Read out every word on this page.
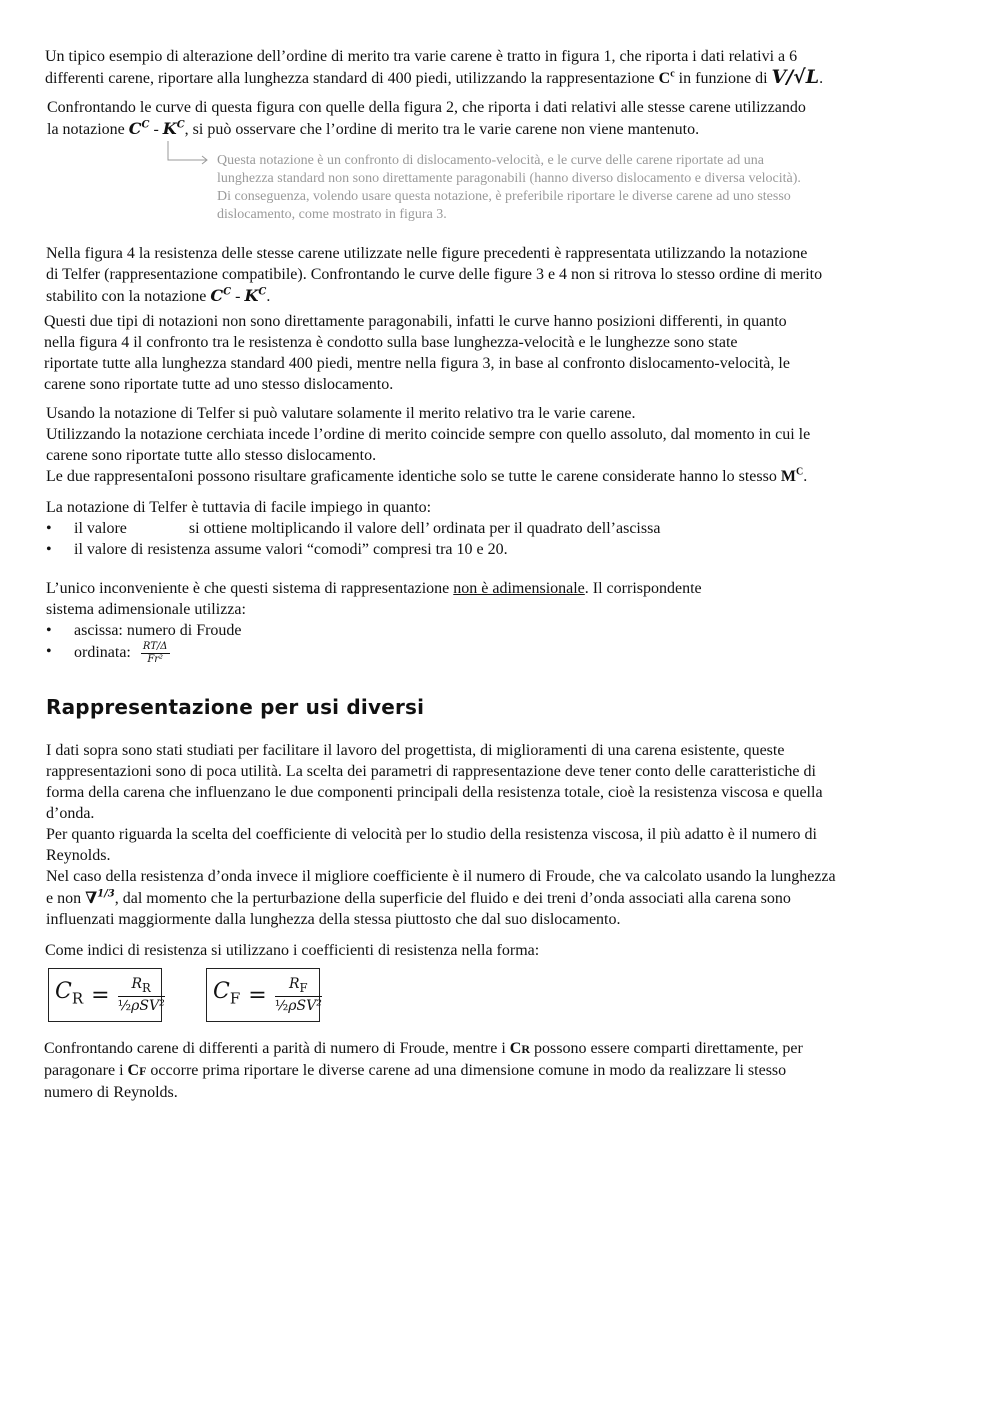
Un tipico esempio di alterazione dell’ordine di merito tra varie carene è tratto in figura 1, che riporta i dati relativi a 6

differenti carene, riportare alla lunghezza standard di 400 piedi, utilizzando la rappresentazione $C^c$ in funzione di V/√L.

Confrontando le curve di questa figura con quelle della figura 2, che riporta i dati relativi alle stesse carene utilizzando

la notazione $C^C - K^C$, si può osservare che l’ordine di merito tra le varie carene non viene mantenuto.

Questa notazione è un confronto di dislocamento-velocità, e le curve delle carene riportate ad una

lunghezza standard non sono direttamente paragonabili (hanno diverso dislocamento e diversa velocità).

Di conseguenza, volendo usare questa notazione, è preferibile riportare le diverse carene ad uno stesso

dislocamento, come mostrato in figura 3.

Nella figura 4 la resistenza delle stesse carene utilizzate nelle figure precedenti è rappresentata utilizzando la notazione

di Telfer (rappresentazione compatibile). Confrontando le curve delle figure 3 e 4 non si ritrova lo stesso ordine di merito

stabilito con la notazione $C^C - K^C$.

Questi due tipi di notazioni non sono direttamente paragonabili, infatti le curve hanno posizioni differenti, in quanto

nella figura 4 il confronto tra le resistenza è condotto sulla base lunghezza-velocità e le lunghezze sono state

riportate tutte alla lunghezza standard 400 piedi, mentre nella figura 3, in base al confronto dislocamento-velocità, le

carene sono riportate tutte ad uno stesso dislocamento.

Usando la notazione di Telfer si può valutare solamente il merito relativo tra le varie carene.

Utilizzando la notazione cerchiata incede l’ordine di merito coincide sempre con quello assoluto, dal momento in cui le

carene sono riportate tutte allo stesso dislocamento.

Le due rappresentaIoni possono risultare graficamente identiche solo se tutte le carene considerate hanno lo stesso $M^C$.

La notazione di Telfer è tuttavia di facile impiego in quanto:

• il valore	si ottiene moltiplicando il valore dell’ ordinata per il quadrato dell’ascissa
• il valore di resistenza assume valori “comodi” compresi tra 10 e 20.

L’unico inconveniente è che questi sistema di rappresentazione non è adimensionale. Il corrispondente

sistema adimensionale utilizza:

• ascissa: numero di Froude
• ordinata: $\frac{RT/\Delta}{\text{Fr²}}$
Rappresentazione per usi diversi

I dati sopra sono stati studiati per facilitare il lavoro del progettista, di miglioramenti di una carena esistente, queste

rappresentazioni sono di poca utilità. La scelta dei parametri di rappresentazione deve tener conto delle caratteristiche di

forma della carena che influenzano le due componenti principali della resistenza totale, cioè la resistenza viscosa e quella

d’onda.

Per quanto riguarda la scelta del coefficiente di velocità per lo studio della resistenza viscosa, il più adatto è il numero di

Reynolds.

Nel caso della resistenza d’onda invece il migliore coefficiente è il numero di Froude, che va calcolato usando la lunghezza

e non ∇$^{1/3}$, dal momento che la perturbazione della superficie del fluido e dei treni d’onda associati alla carena sono

influenzati maggiormente dalla lunghezza della stessa piuttosto che dal suo dislocamento.

Come indici di resistenza si utilizzano i coefficienti di resistenza nella forma:

$C_R = \frac{R_R}{\text{½ρSV²}} C_F = \frac{R_F}{\text{½ρSV²}}$

Confrontando carene di differenti a parità di numero di Froude, mentre i CR possono essere comparti direttamente, per

paragonare i CF occorre prima riportare le diverse carene ad una dimensione comune in modo da realizzare li stesso

numero di Reynolds.
